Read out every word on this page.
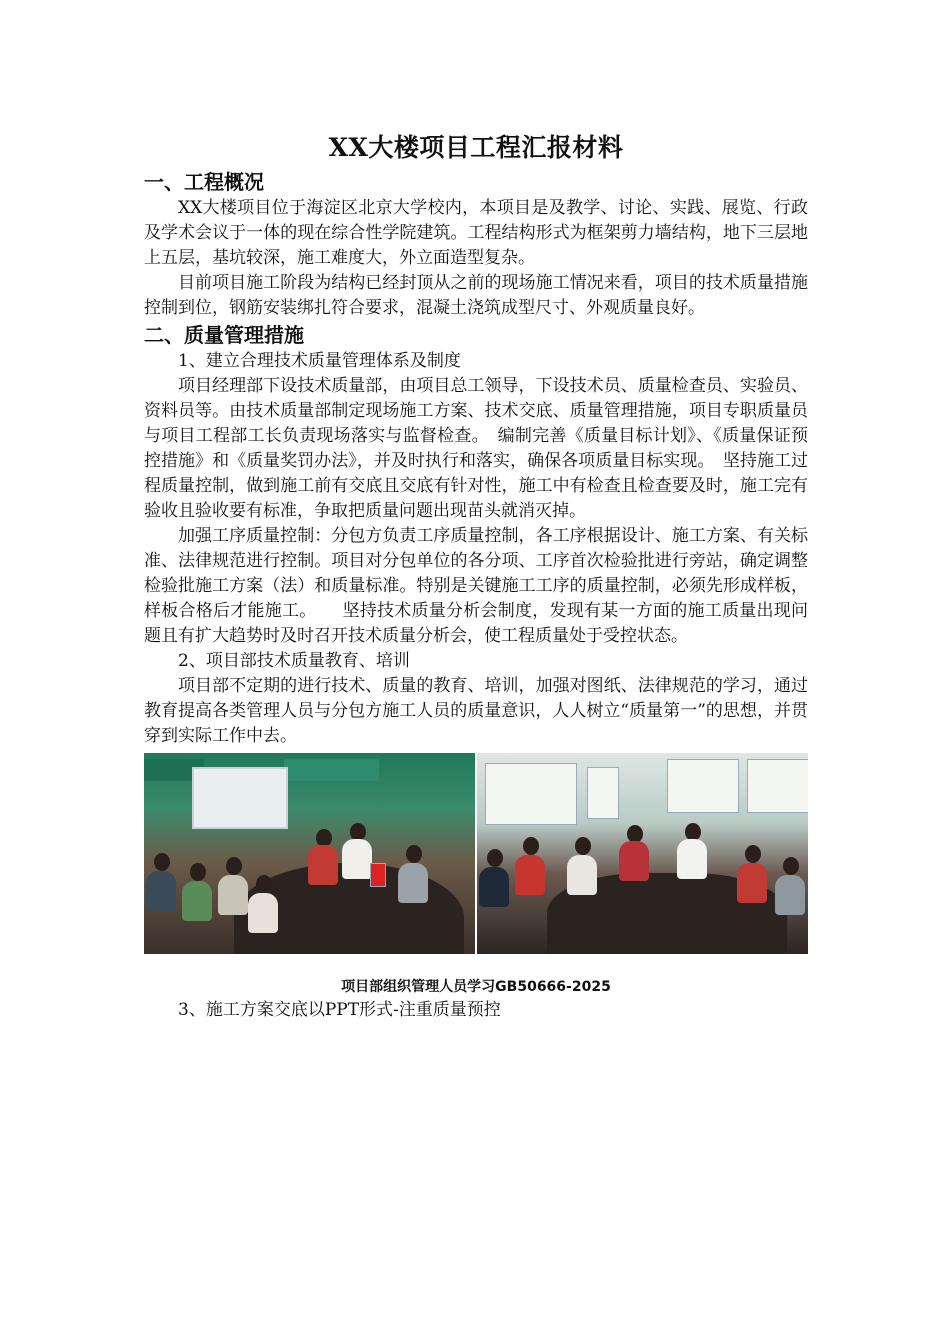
XX大楼项目工程汇报材料
一、工程概况

XX大楼项目位于海淀区北京大学校内，本项目是及教学、讨论、实践、展览、行政及学术会议于一体的现在综合性学院建筑。工程结构形式为框架剪力墙结构，地下三层地上五层，基坑较深，施工难度大，外立面造型复杂。

目前项目施工阶段为结构已经封顶从之前的现场施工情况来看，项目的技术质量措施控制到位，钢筋安装绑扎符合要求，混凝土浇筑成型尺寸、外观质量良好。

二、质量管理措施

1、建立合理技术质量管理体系及制度

项目经理部下设技术质量部，由项目总工领导，下设技术员、质量检查员、实验员、资料员等。由技术质量部制定现场施工方案、技术交底、质量管理措施，项目专职质量员与项目工程部工长负责现场落实与监督检查。　编制完善《质量目标计划》、《质量保证预控措施》和《质量奖罚办法》，并及时执行和落实，确保各项质量目标实现。　坚持施工过程质量控制，做到施工前有交底且交底有针对性，施工中有检查且检查要及时，施工完有验收且验收要有标准，争取把质量问题出现苗头就消灭掉。

加强工序质量控制：分包方负责工序质量控制，各工序根据设计、施工方案、有关标准、法律规范进行控制。项目对分包单位的各分项、工序首次检验批进行旁站，确定调整检验批施工方案（法）和质量标准。特别是关键施工工序的质量控制，必须先形成样板，样板合格后才能施工。　　坚持技术质量分析会制度，发现有某一方面的施工质量出现问题且有扩大趋势时及时召开技术质量分析会，使工程质量处于受控状态。

2、项目部技术质量教育、培训

项目部不定期的进行技术、质量的教育、培训，加强对图纸、法律规范的学习，通过教育提高各类管理人员与分包方施工人员的质量意识，人人树立“质量第一”的思想，并贯穿到实际工作中去。

项目部组织管理人员学习GB50666-2025

3、施工方案交底以PPT形式-注重质量预控
